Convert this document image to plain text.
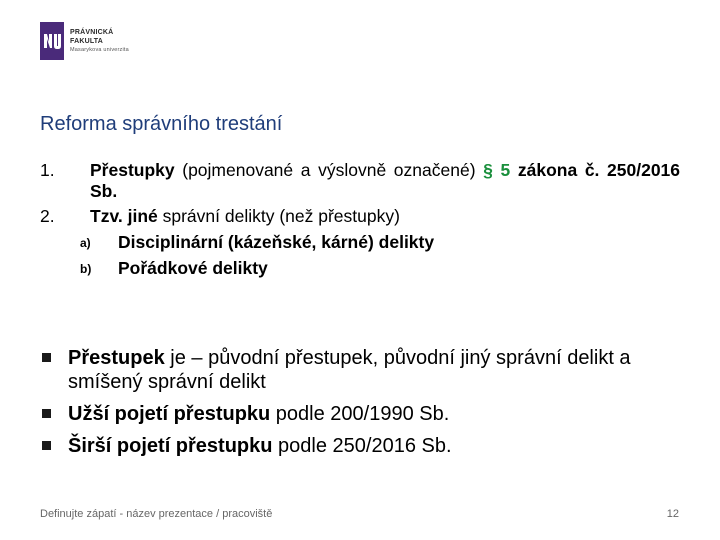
PRÁVNICKÁ
FAKULTA
Masarykova univerzita
Reforma správního trestání
1.	Přestupky (pojmenované a výslovně označené) § 5 zákona č. 250/2016 Sb.
2.	Tzv. jiné správní delikty (než přestupky)
a)	Disciplinární (kázeňské, kárné) delikty
b)	Pořádkové delikty
Přestupek je – původní přestupek, původní jiný správní delikt a smíšený správní delikt
Užší pojetí přestupku podle 200/1990 Sb.
Širší pojetí přestupku podle 250/2016 Sb.
Definujte zápatí - název prezentace / pracoviště	12
